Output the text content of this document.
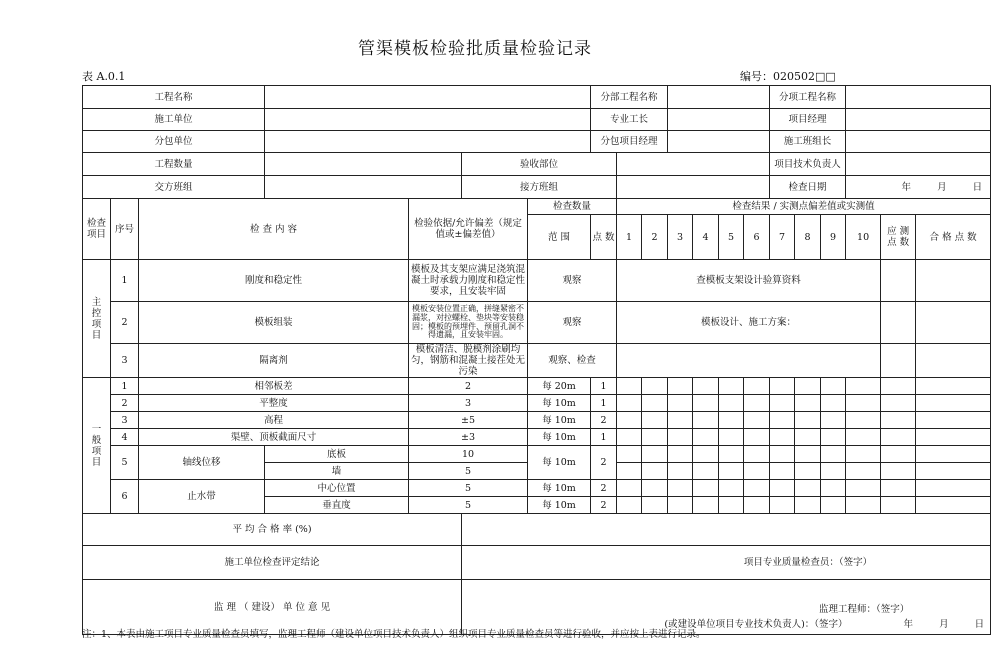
管渠模板检验批质量检验记录
表 A.0.1	编号：020502□□
工程名称							分部工程名称							分项工程名称						
施工单位							专业工长							项目经理						
分包单位							分包项目经理							施工班组长						
工程数量					验收部位									项目技术负责人						
交方班组					接方班组									检查日期			年 月 日			
检查项目	序号	检 查 内 容		检验依据/允许偏差（规定值或±偏差值）		检查数量		检查结果 / 实测点偏差值或实测值												
						范 围	点 数	1	2	3	4	5	6	7	8	9	10	应 测 点 数	合 格 点 数	
主控项目	1	刚度和稳定性		模板及其支架应满足浇筑混凝土时承载力刚度和稳定性要求，且安装牢固		观察		查模板支架设计验算资料												
	2	模板组装		模板安装位置正确，拼缝紧密不漏浆，对拉螺栓、垫块等安装稳固；模板的预埋件、预留孔洞不得遗漏，且安装牢固。		观察		模板设计、施工方案：												
	3	隔离剂		模板清洁、脱模剂涂刷均匀，钢筋和混凝土接茬处无污染		观察、检查														
一般项目	1	相邻板差		2		每 20m	1													
	2	平整度		3		每 10m	1													
	3	高程		±5		每 10m	2													
	4	渠壁、顶板截面尺寸		±3		每 10m	1													
	5	轴线位移	底板	10		每 10m	2													
			墙	5																
	6	止水带	中心位置	5		每 10m	2													
			垂直度	5		每 10m	2													
平 均 合 格 率 (%)																				
施工单位检查评定结论					项目专业质量检查员：（签字）															
监 理 （ 建设） 单 位 意 见					监理工程师：（签字）
(或建设单位项目专业技术负责人)：（签字） 年 月 日															
注：1、本表由施工项目专业质量检查员填写，监理工程师（建设单位项目技术负责人）组织项目专业质量检查员等进行验收，并应按上表进行记录。
